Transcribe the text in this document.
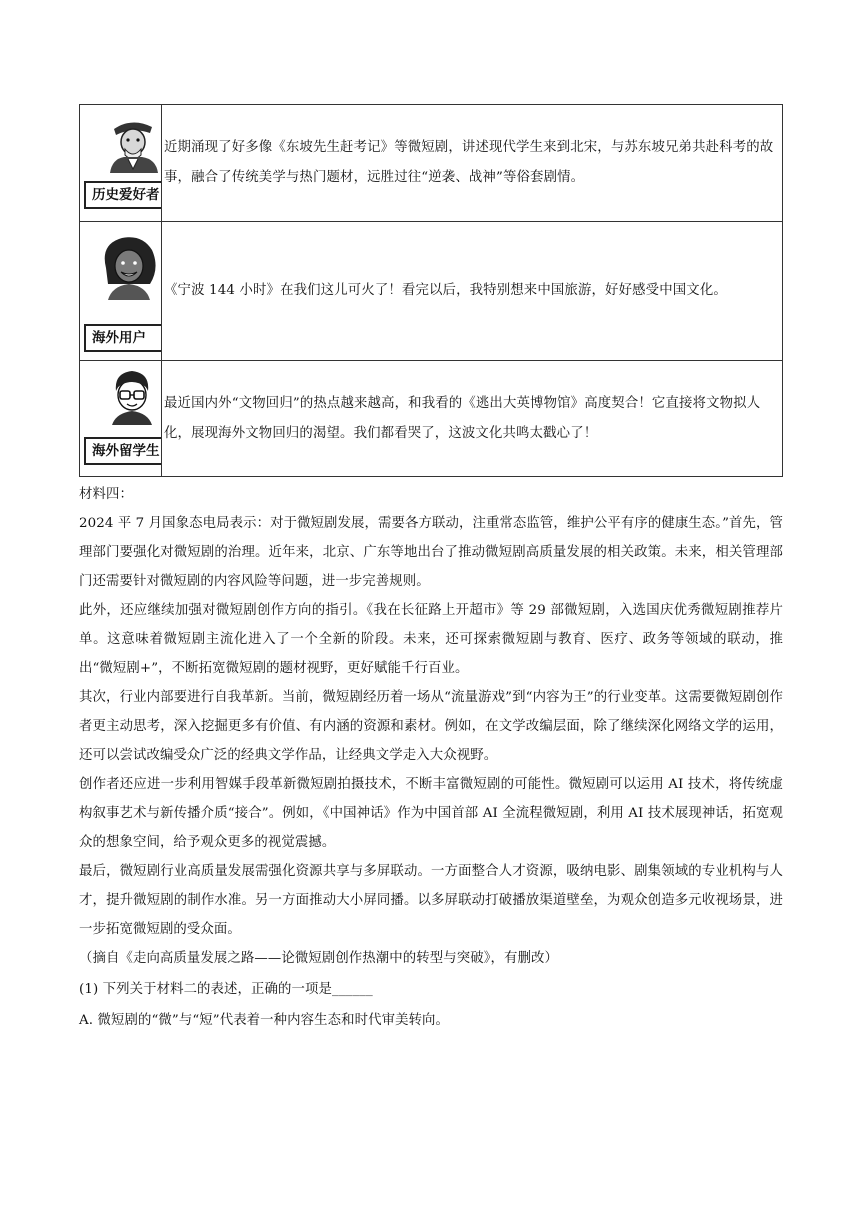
历史爱好者
近期涌现了好多像《东坡先生赶考记》等微短剧，讲述现代学生来到北宋，与苏东坡兄弟共赴科考的故事，融合了传统美学与热门题材，远胜过往“逆袭、战神”等俗套剧情。
海外用户
《宁波 144 小时》在我们这儿可火了！看完以后，我特别想来中国旅游，好好感受中国文化。
海外留学生
最近国内外“文物回归”的热点越来越高，和我看的《逃出大英博物馆》高度契合！它直接将文物拟人化，展现海外文物回归的渴望。我们都看哭了，这波文化共鸣太戳心了！

材料四：

2024 平 7 月国象态电局表示：对于微短剧发展，需要各方联动，注重常态监管，维护公平有序的健康生态。”首先，管理部门要强化对微短剧的治理。近年来，北京、广东等地出台了推动微短剧高质量发展的相关政策。未来，相关管理部门还需要针对微短剧的内容风险等问题，进一步完善规则。

此外，还应继续加强对微短剧创作方向的指引。《我在长征路上开超市》等 29 部微短剧，入选国庆优秀微短剧推荐片单。这意味着微短剧主流化进入了一个全新的阶段。未来，还可探索微短剧与教育、医疗、政务等领域的联动，推出“微短剧+”，不断拓宽微短剧的题材视野，更好赋能千行百业。

其次，行业内部要进行自我革新。当前，微短剧经历着一场从“流量游戏”到“内容为王”的行业变革。这需要微短剧创作者更主动思考，深入挖掘更多有价值、有内涵的资源和素材。例如，在文学改编层面，除了继续深化网络文学的运用，还可以尝试改编受众广泛的经典文学作品，让经典文学走入大众视野。

创作者还应进一步利用智媒手段革新微短剧拍摄技术，不断丰富微短剧的可能性。微短剧可以运用 AI 技术，将传统虚构叙事艺术与新传播介质“接合”。例如，《中国神话》作为中国首部 AI 全流程微短剧，利用 AI 技术展现神话，拓宽观众的想象空间，给予观众更多的视觉震撼。

最后，微短剧行业高质量发展需强化资源共享与多屏联动。一方面整合人才资源，吸纳电影、剧集领域的专业机构与人才，提升微短剧的制作水准。另一方面推动大小屏同播。以多屏联动打破播放渠道壁垒，为观众创造多元收视场景，进一步拓宽微短剧的受众面。

（摘自《走向高质量发展之路——论微短剧创作热潮中的转型与突破》，有删改）

(1) 下列关于材料二的表述，正确的一项是______

A. 微短剧的“微”与“短”代表着一种内容生态和时代审美转向。
